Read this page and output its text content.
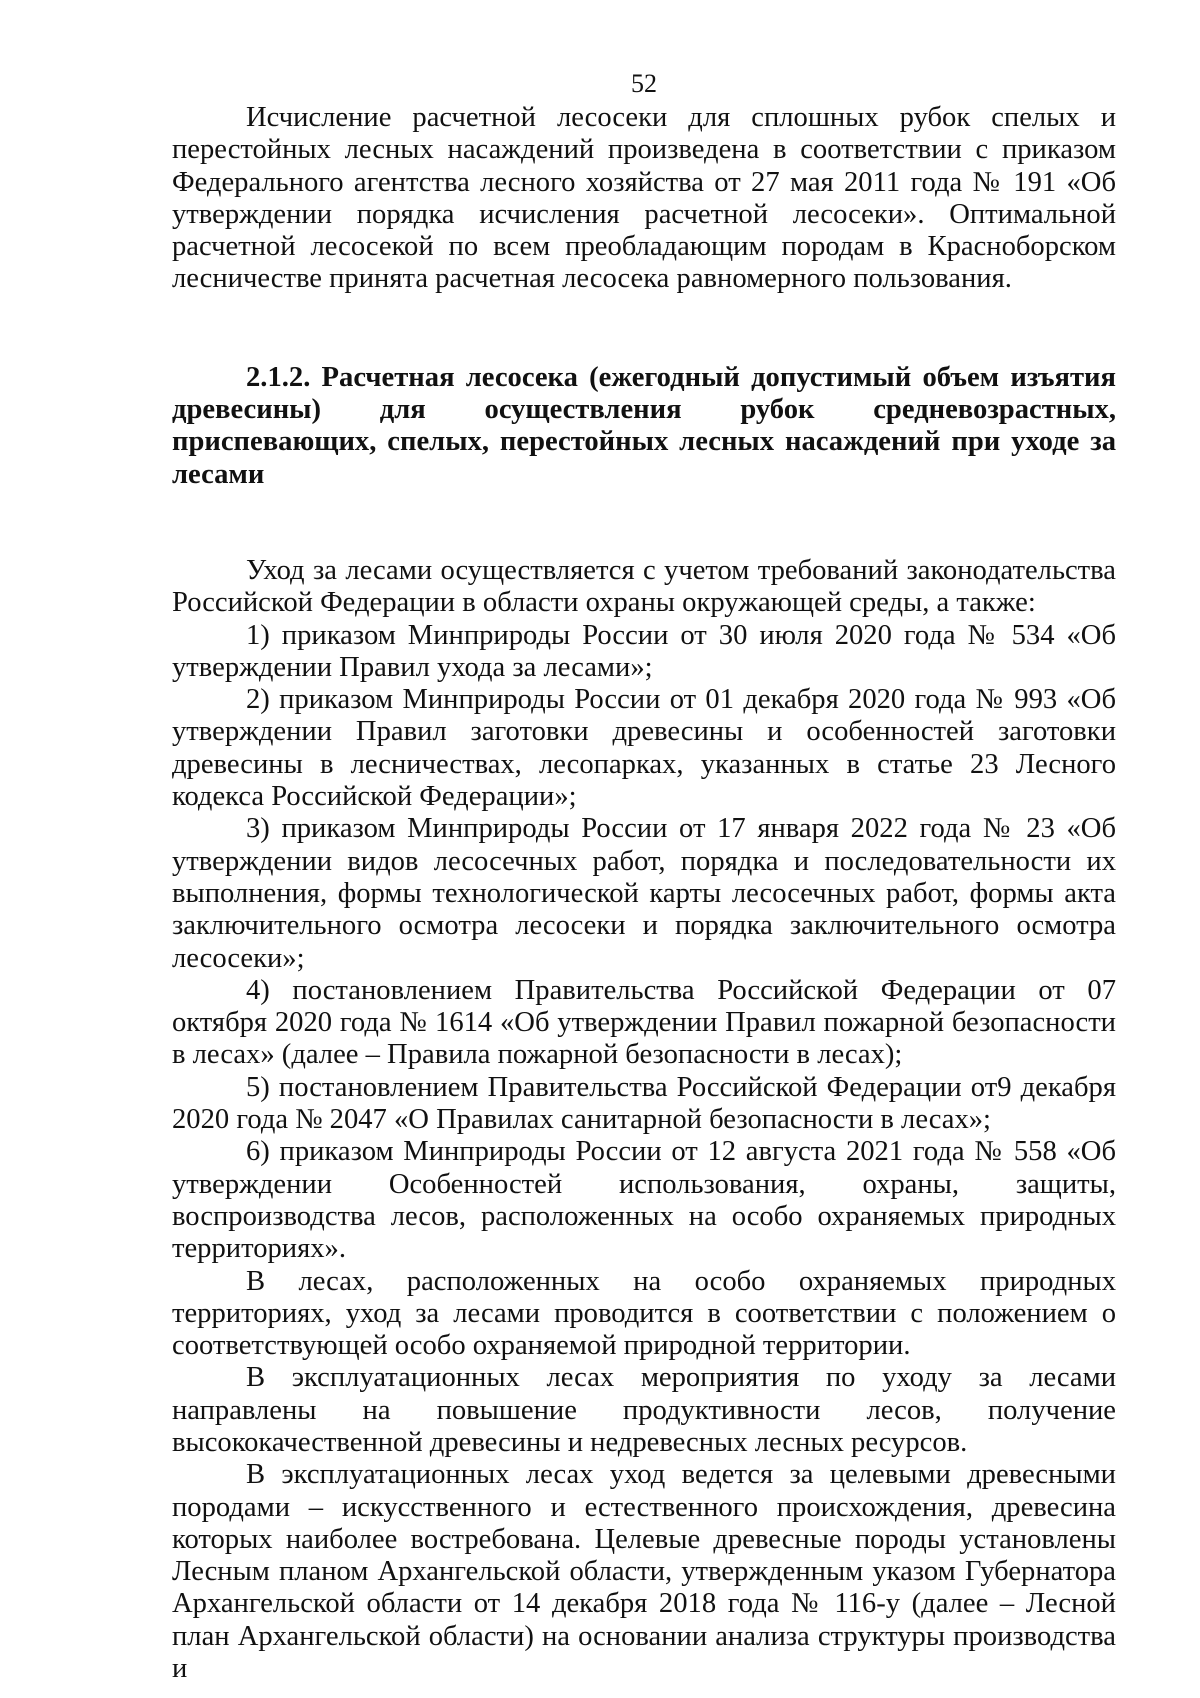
52

Исчисление расчетной лесосеки для сплошных рубок спелых и перестойных лесных насаждений произведена в соответствии с приказом Федерального агентства лесного хозяйства от 27 мая 2011 года № 191 «Об утверждении порядка исчисления расчетной лесосеки». Оптимальной расчетной лесосекой по всем преобладающим породам в Красноборском лесничестве принята расчетная лесосека равномерного пользования.

2.1.2. Расчетная лесосека (ежегодный допустимый объем изъятия древесины) для осуществления рубок средневозрастных, приспевающих, спелых, перестойных лесных насаждений при уходе за лесами

Уход за лесами осуществляется с учетом требований законодательства Российской Федерации в области охраны окружающей среды, а также:

1) приказом Минприроды России от 30 июля 2020 года № 534 «Об утверждении Правил ухода за лесами»;

2) приказом Минприроды России от 01 декабря 2020 года № 993 «Об утверждении Правил заготовки древесины и особенностей заготовки древесины в лесничествах, лесопарках, указанных в статье 23 Лесного кодекса Российской Федерации»;

3) приказом Минприроды России от 17 января 2022 года № 23 «Об утверждении видов лесосечных работ, порядка и последовательности их выполнения, формы технологической карты лесосечных работ, формы акта заключительного осмотра лесосеки и порядка заключительного осмотра лесосеки»;

4) постановлением Правительства Российской Федерации от 07 октября 2020 года № 1614 «Об утверждении Правил пожарной безопасности в лесах» (далее – Правила пожарной безопасности в лесах);

5) постановлением Правительства Российской Федерации от9 декабря 2020 года № 2047 «О Правилах санитарной безопасности в лесах»;

6) приказом Минприроды России от 12 августа 2021 года № 558 «Об утверждении Особенностей использования, охраны, защиты, воспроизводства лесов, расположенных на особо охраняемых природных территориях».

В лесах, расположенных на особо охраняемых природных территориях, уход за лесами проводится в соответствии с положением о соответствующей особо охраняемой природной территории.

В эксплуатационных лесах мероприятия по уходу за лесами направлены на повышение продуктивности лесов, получение высококачественной древесины и недревесных лесных ресурсов.

В эксплуатационных лесах уход ведется за целевыми древесными породами – искусственного и естественного происхождения, древесина которых наиболее востребована. Целевые древесные породы установлены Лесным планом Архангельской области, утвержденным указом Губернатора Архангельской области от 14 декабря 2018 года № 116-у (далее – Лесной план Архангельской области) на основании анализа структуры производства и
